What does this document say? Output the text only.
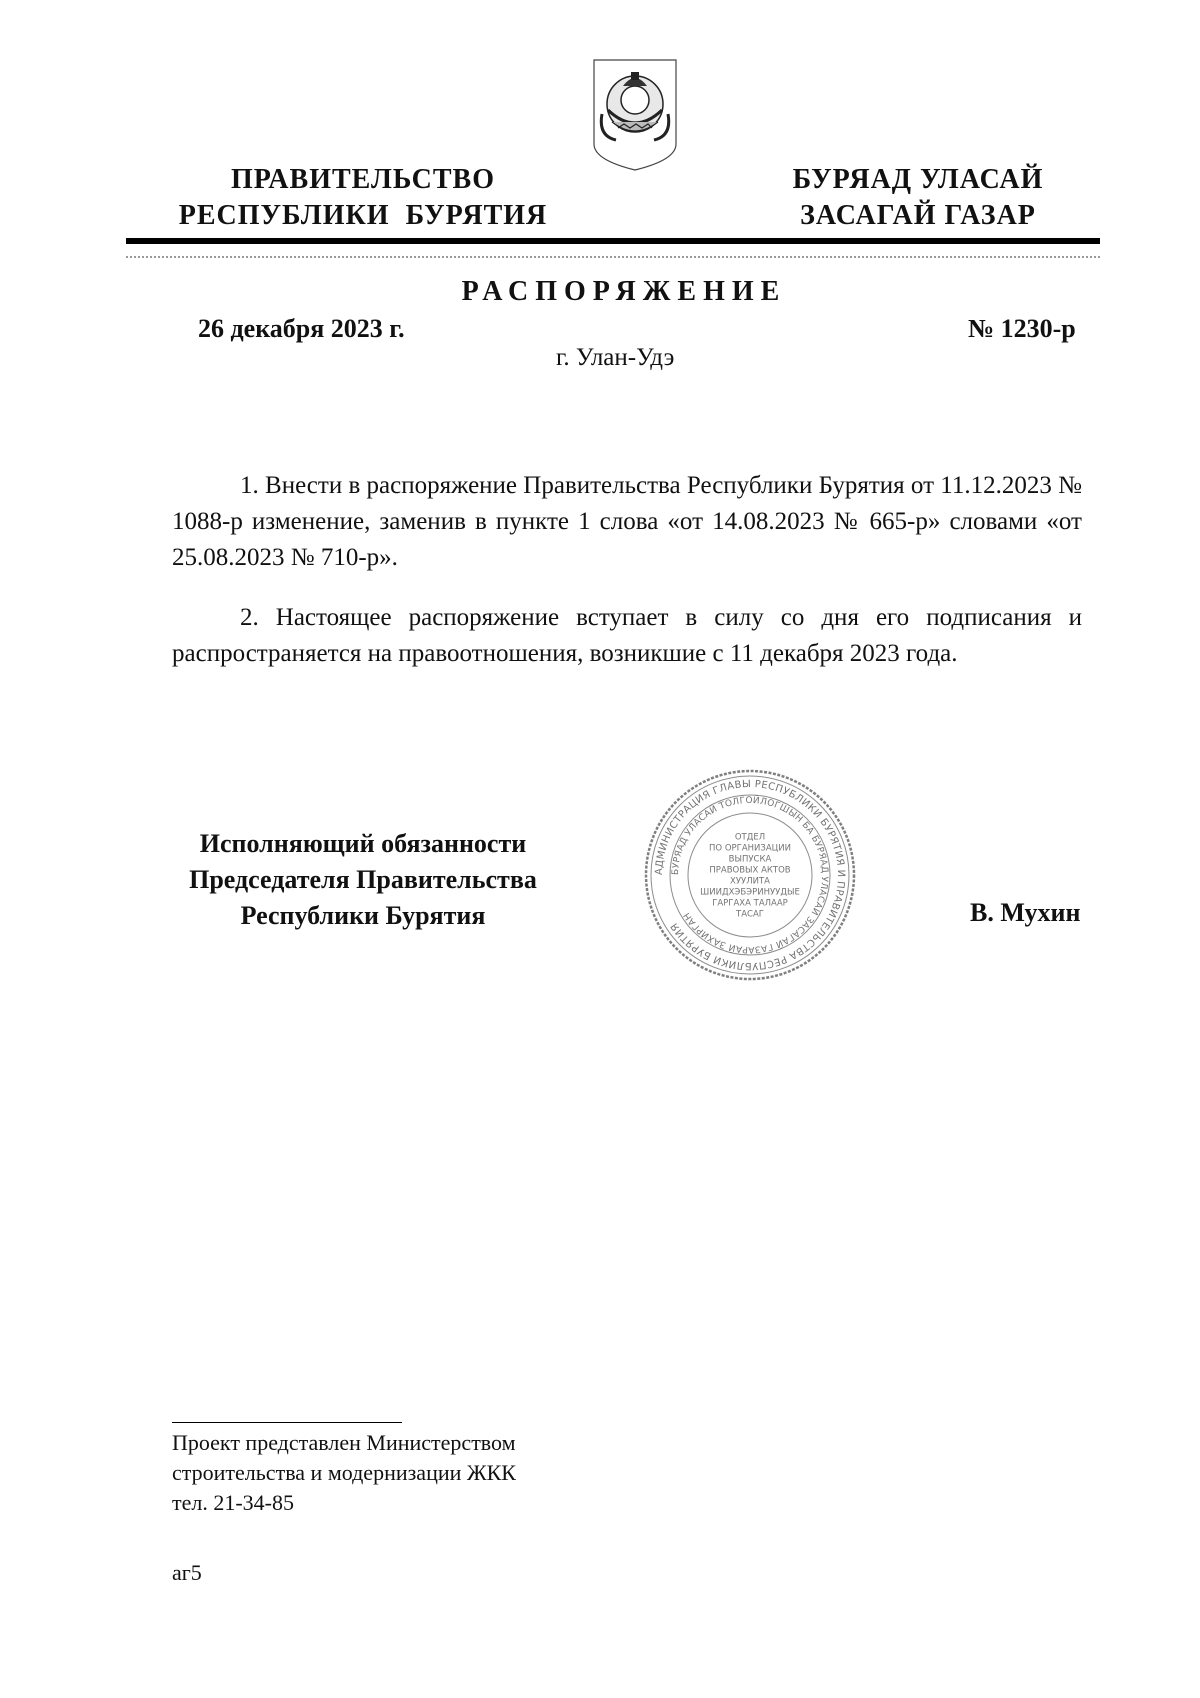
ПРАВИТЕЛЬСТВО
РЕСПУБЛИКИ  БУРЯТИЯ
БУРЯАД УЛАСАЙ
ЗАСАГАЙ ГАЗАР
РАСПОРЯЖЕНИЕ
26 декабря 2023 г.	№ 1230-р
г. Улан-Удэ

1. Внести в распоряжение Правительства Республики Бурятия от 11.12.2023 № 1088-р изменение, заменив в пункте 1 слова «от 14.08.2023 № 665-р» словами «от 25.08.2023 № 710-р».

2. Настоящее распоряжение вступает в силу со дня его подписания и распространяется на правоотношения, возникшие с 11 декабря 2023 года.

Исполняющий обязанности
Председателя Правительства
Республики Бурятия	В. Мухин
АДМИНИСТРАЦИЯ ГЛАВЫ РЕСПУБЛИКИ БУРЯТИЯ И ПРАВИТЕЛЬСТВА РЕСПУБЛИКИ БУРЯТИЯ
БУРЯАД УЛАСАЙ ТОЛГОЙЛОГШЫН БА БУРЯАД УЛАСАЙ ЗАСАГАЙ ГАЗАРАЙ ЗАХИРГАН
ОТДЕЛ
ПО ОРГАНИЗАЦИИ
ВЫПУСКА
ПРАВОВЫХ АКТОВ
ХУУЛИТА
ШИИДХЭБЭРИНУУДЫЕ
ГАРГАХА ТАЛААР
ТАСАГ
Проект представлен Министерством
строительства и модернизации ЖКК
тел. 21-34-85
аг5
